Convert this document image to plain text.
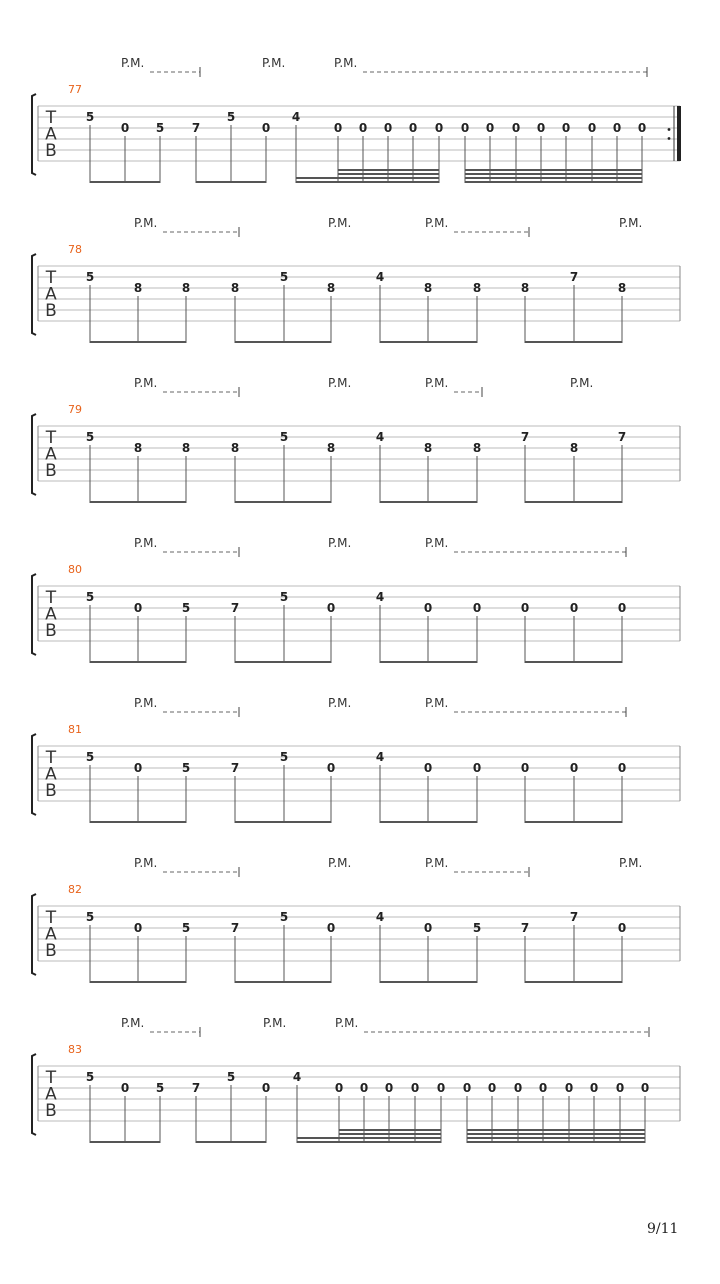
T
A
B
77
P.M.	P.M.	P.M.
5
0 5 7
5
0
4
0 0 0 0 0 0 0 0 0 0 0 0 0
T
A
B
78
P.M.	P.M.	P.M.	P.M.
5
8	8	8
5
8
4
8	8	8
7
8
T
A
B
79
P.M.	P.M.	P.M.	P.M.
5
8	8	8
5
8
4
8	8
7
8
7
T
A
B
80
P.M.	P.M.	P.M.
5
0	5	7
5
0
4
0	0	0	0	0
T
A
B
81
P.M.	P.M.	P.M.
5
0	5	7
5
0
4
0	0	0	0	0
T
A
B
82
P.M.	P.M.	P.M.	P.M.
5
0	5	7
5
0
4
0	5	7
7
0
T
A
B
83
P.M.	P.M.	P.M.
5
0 5 7
5
0
4
0 0 0 0 0 0 0 0 0 0 0 0 0
9/11
